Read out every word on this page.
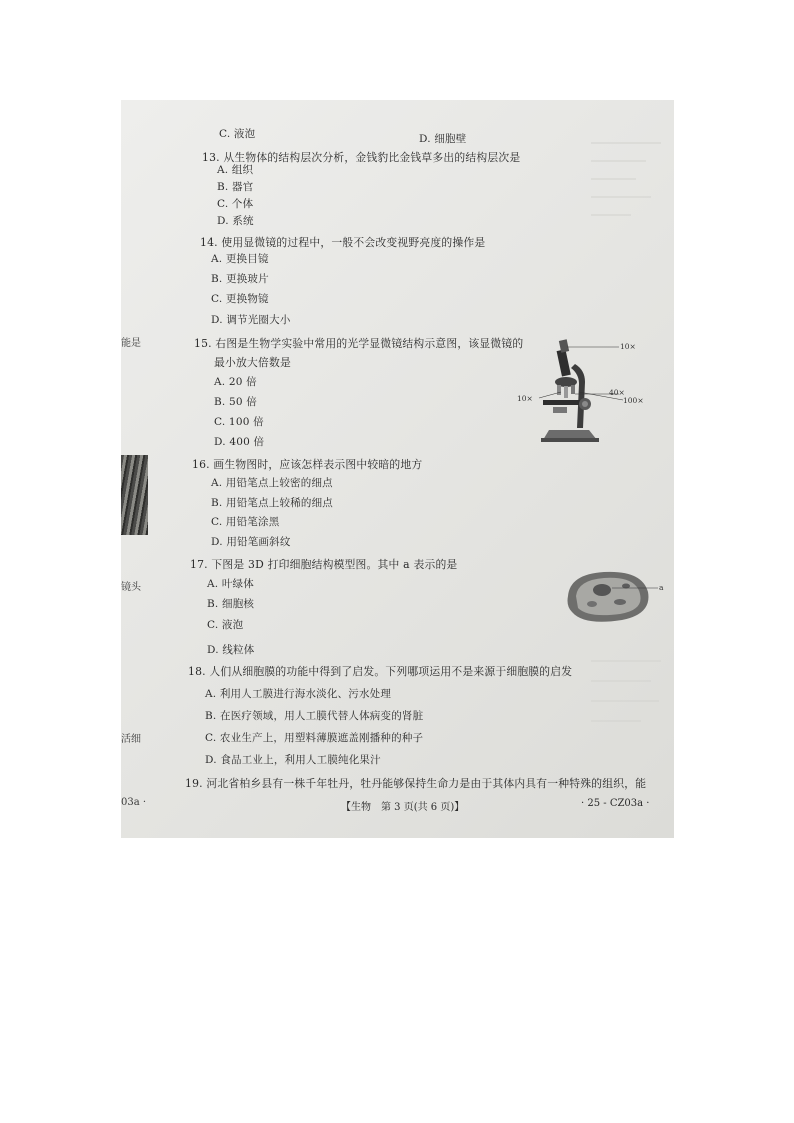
能是
镜头
活细
03a ·
C. 液泡	D. 细胞壁
13. 从生物体的结构层次分析，金钱豹比金钱草多出的结构层次是
A. 组织
B. 器官
C. 个体
D. 系统
14. 使用显微镜的过程中，一般不会改变视野亮度的操作是
A. 更换目镜
B. 更换玻片
C. 更换物镜
D. 调节光圈大小
15. 右图是生物学实验中常用的光学显微镜结构示意图，该显微镜的
最小放大倍数是
A. 20 倍
B. 50 倍
C. 100 倍
D. 400 倍
10×
40×
10×	100×
16. 画生物图时，应该怎样表示图中较暗的地方
A. 用铅笔点上较密的细点
B. 用铅笔点上较稀的细点
C. 用铅笔涂黑
D. 用铅笔画斜纹
17. 下图是 3D 打印细胞结构模型图。其中 a 表示的是
A. 叶绿体
B. 细胞核
C. 液泡
D. 线粒体
a
18. 人们从细胞膜的功能中得到了启发。下列哪项运用不是来源于细胞膜的启发
A. 利用人工膜进行海水淡化、污水处理
B. 在医疗领域，用人工膜代替人体病变的肾脏
C. 农业生产上，用塑料薄膜遮盖刚播种的种子
D. 食品工业上，利用人工膜纯化果汁
19. 河北省柏乡县有一株千年牡丹，牡丹能够保持生命力是由于其体内具有一种特殊的组织，能
【生物　第 3 页(共 6 页)】	· 25 - CZ03a ·
